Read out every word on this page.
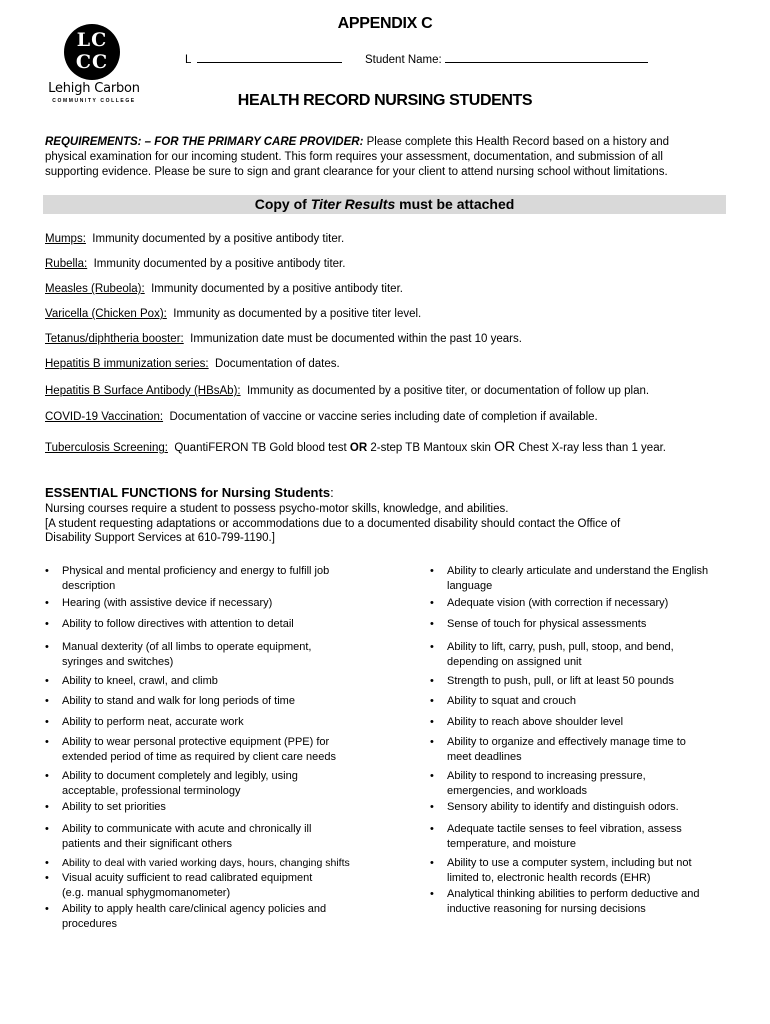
LC
CC
Lehigh Carbon
COMMUNITY COLLEGE
APPENDIX C
L	Student Name:
HEALTH RECORD NURSING STUDENTS
REQUIREMENTS: – FOR THE PRIMARY CARE PROVIDER: Please complete this Health Record based on a history and
physical examination for our incoming student. This form requires your assessment, documentation, and submission of all
supporting evidence. Please be sure to sign and grant clearance for your client to attend nursing school without limitations.
Copy of Titer Results must be attached
Mumps: Immunity documented by a positive antibody titer.
Rubella: Immunity documented by a positive antibody titer.
Measles (Rubeola): Immunity documented by a positive antibody titer.
Varicella (Chicken Pox): Immunity as documented by a positive titer level.
Tetanus/diphtheria booster: Immunization date must be documented within the past 10 years.
Hepatitis B immunization series: Documentation of dates.
Hepatitis B Surface Antibody (HBsAb): Immunity as documented by a positive titer, or documentation of follow up plan.
COVID-19 Vaccination: Documentation of vaccine or vaccine series including date of completion if available.
Tuberculosis Screening: QuantiFERON TB Gold blood test OR 2-step TB Mantoux skin OR Chest X-ray less than 1 year.
ESSENTIAL FUNCTIONS for Nursing Students:
Nursing courses require a student to possess psycho-motor skills, knowledge, and abilities.
[A student requesting adaptations or accommodations due to a documented disability should contact the Office of
Disability Support Services at 610-799-1190.]
• Physical and mental proficiency and energy to fulfill job
description
• Hearing (with assistive device if necessary)
• Ability to follow directives with attention to detail
• Manual dexterity (of all limbs to operate equipment,
syringes and switches)
• Ability to kneel, crawl, and climb
• Ability to stand and walk for long periods of time
• Ability to perform neat, accurate work
• Ability to wear personal protective equipment (PPE) for
extended period of time as required by client care needs
• Ability to document completely and legibly, using
acceptable, professional terminology
• Ability to set priorities
• Ability to communicate with acute and chronically ill
patients and their significant others
• Ability to deal with varied working days, hours, changing shifts
• Visual acuity sufficient to read calibrated equipment
(e.g. manual sphygmomanometer)
• Ability to apply health care/clinical agency policies and
procedures
• Ability to clearly articulate and understand the English
language
• Adequate vision (with correction if necessary)
• Sense of touch for physical assessments
• Ability to lift, carry, push, pull, stoop, and bend,
depending on assigned unit
• Strength to push, pull, or lift at least 50 pounds
• Ability to squat and crouch
• Ability to reach above shoulder level
• Ability to organize and effectively manage time to
meet deadlines
• Ability to respond to increasing pressure,
emergencies, and workloads
• Sensory ability to identify and distinguish odors.
• Adequate tactile senses to feel vibration, assess
temperature, and moisture
• Ability to use a computer system, including but not
limited to, electronic health records (EHR)
• Analytical thinking abilities to perform deductive and
inductive reasoning for nursing decisions
